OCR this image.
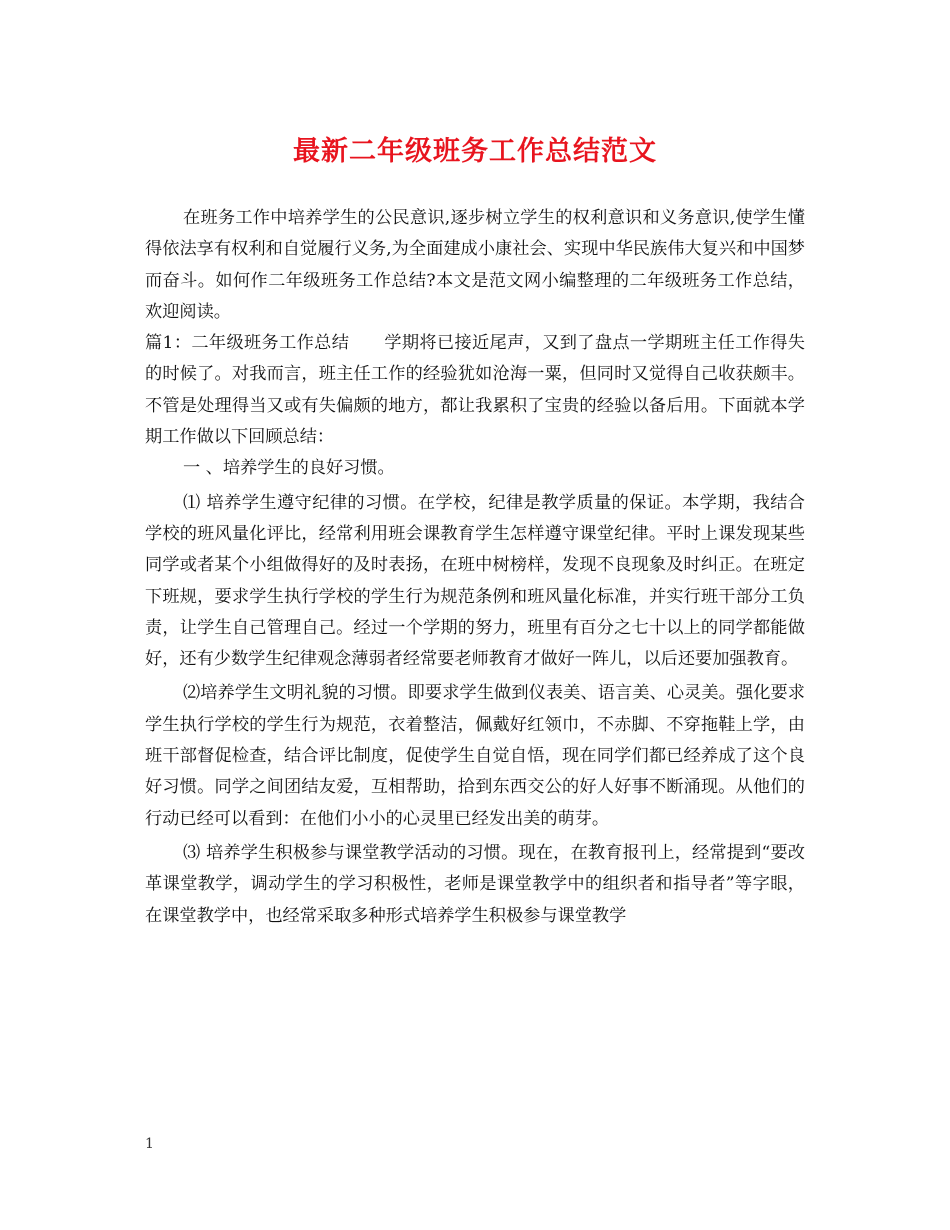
最新二年级班务工作总结范文

在班务工作中培养学生的公民意识,逐步树立学生的权利意识和义务意识,使学生懂得依法享有权利和自觉履行义务,为全面建成小康社会、实现中华民族伟大复兴和中国梦而奋斗。如何作二年级班务工作总结?本文是范文网小编整理的二年级班务工作总结，欢迎阅读。

篇1：二年级班务工作总结　　学期将已接近尾声，又到了盘点一学期班主任工作得失的时候了。对我而言，班主任工作的经验犹如沧海一粟，但同时又觉得自己收获颇丰。不管是处理得当又或有失偏颇的地方，都让我累积了宝贵的经验以备后用。下面就本学期工作做以下回顾总结：

一 、培养学生的良好习惯。

⑴ 培养学生遵守纪律的习惯。在学校，纪律是教学质量的保证。本学期，我结合学校的班风量化评比，经常利用班会课教育学生怎样遵守课堂纪律。平时上课发现某些同学或者某个小组做得好的及时表扬，在班中树榜样，发现不良现象及时纠正。在班定下班规，要求学生执行学校的学生行为规范条例和班风量化标准，并实行班干部分工负责，让学生自己管理自己。经过一个学期的努力，班里有百分之七十以上的同学都能做好，还有少数学生纪律观念薄弱者经常要老师教育才做好一阵儿，以后还要加强教育。

⑵培养学生文明礼貌的习惯。即要求学生做到仪表美、语言美、心灵美。强化要求学生执行学校的学生行为规范，衣着整洁，佩戴好红领巾，不赤脚、不穿拖鞋上学，由班干部督促检查，结合评比制度，促使学生自觉自悟，现在同学们都已经养成了这个良好习惯。同学之间团结友爱，互相帮助，拾到东西交公的好人好事不断涌现。从他们的行动已经可以看到：在他们小小的心灵里已经发出美的萌芽。

⑶ 培养学生积极参与课堂教学活动的习惯。现在，在教育报刊上，经常提到“要改革课堂教学，调动学生的学习积极性，老师是课堂教学中的组织者和指导者”等字眼，在课堂教学中，也经常采取多种形式培养学生积极参与课堂教学

1
